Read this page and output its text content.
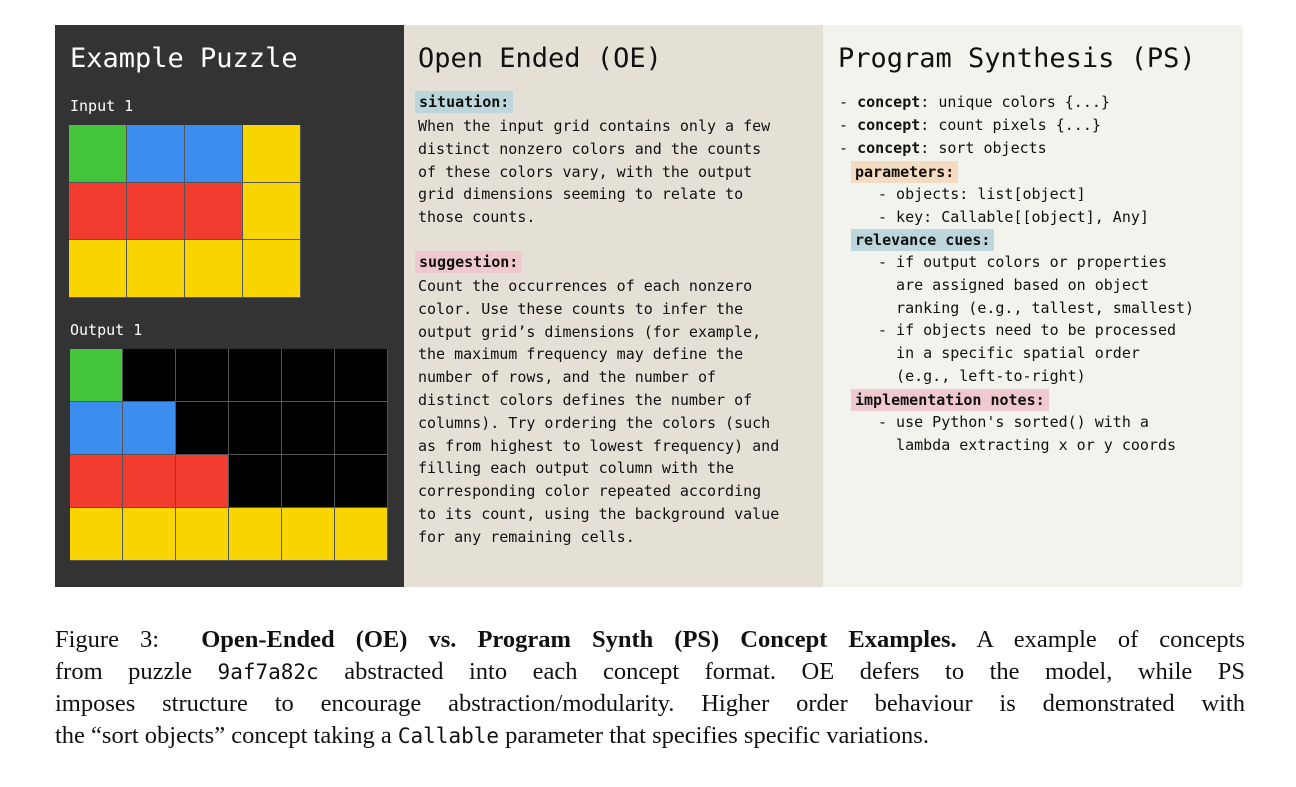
Example Puzzle
Input 1
Output 1
Open Ended (OE)
situation:
When the input grid contains only a few
distinct nonzero colors and the counts
of these colors vary, with the output
grid dimensions seeming to relate to
those counts.
suggestion:
Count the occurrences of each nonzero
color. Use these counts to infer the
output grid’s dimensions (for example,
the maximum frequency may define the
number of rows, and the number of
distinct colors defines the number of
columns). Try ordering the colors (such
as from highest to lowest frequency) and
filling each output column with the
corresponding color repeated according
to its count, using the background value
for any remaining cells.
Program Synthesis (PS)
- concept: unique colors {...}
- concept: count pixels {...}
- concept: sort objects
parameters:
- objects: list[object]
- key: Callable[[object], Any]
relevance cues:
- if output colors or properties
are assigned based on object
ranking (e.g., tallest, smallest)
- if objects need to be processed
in a specific spatial order
(e.g., left-to-right)
implementation notes:
- use Python's sorted() with a
lambda extracting x or y coords
Figure 3: Open-Ended (OE) vs. Program Synth (PS) Concept Examples. A example of concepts
from puzzle 9af7a82c abstracted into each concept format. OE defers to the model, while PS
imposes structure to encourage abstraction/modularity. Higher order behaviour is demonstrated with
the “sort objects” concept taking a Callable parameter that specifies specific variations.
